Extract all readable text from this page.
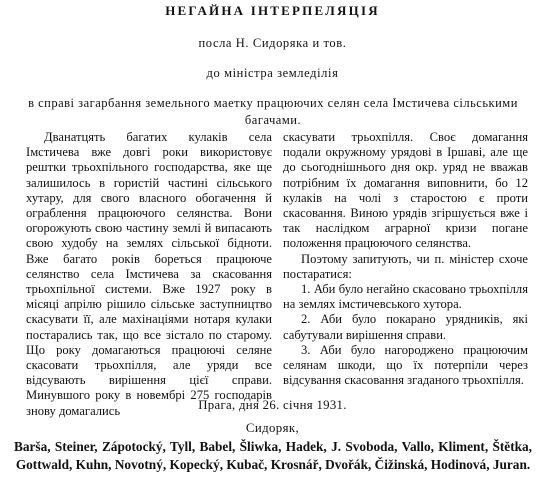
НЕГАЙНА ІНТЕРПЕЛЯЦІЯ
посла Н. Сидоряка и тов.
до міністра земледілія
в справі загарбання земельного маетку працюючих селян села Імстичева сільськими багачами.

Дванатцять багатих кулаків села Імстичева вже довгі роки використовує рештки трьохпільного господарства, яке ще залишилось в гористій частині сільського хутару, для свого власного обогачення й ограблення працюючого селянства. Вони огорожують свою частину землі й випасають свою худобу на землях сільської бідноти. Вже багато років бореться працююче селянство села Імстичева за скасовання трьохпільної системи. Вже 1927 року в місяці апрілю рішило сільське заступництво скасувати її, але махінаціями нотаря кулаки постарались так, що все зістало по старому. Що року домагаються працюючі селяне скасовати трьохпілля, але уряди все відсувають вирішення цієї справи. Минувшого року в новембрі 275 господарів знову домагались

скасувати трьохпілля. Своє домагання подали окружному урядові в Іршаві, але ще до сьогоднішнього дня окр. уряд не вважав потрібним їх домагання виповнити, бо 12 кулаків на чолі з старостою є проти скасовання. Виною урядів згіршується вже і так наслідком аграрної кризи погане положення працюючого селянства.

Поэтому запитують, чи п. міністер схоче постаратися:

1. Аби було негайно скасовано трьохпілля на землях імстичевського хутора.

2. Аби було покарано урядників, які сабутували вирішення справи.

3. Аби було нагороджено працюючим селянам шкоди, що їх потерпіли через відсування скасовання згаданого трьохпілля.

Прага, дня 26. січня 1931.
Сидоряк,
Barša, Steiner, Zápotocký, Tyll, Babel, Šliwka, Hadek, J. Svoboda, Vallo, Kliment, Štětka, Gottwald, Kuhn, Novotný, Kopecký, Kubač, Krosnář, Dvořák, Čižinská, Hodinová, Juran.
